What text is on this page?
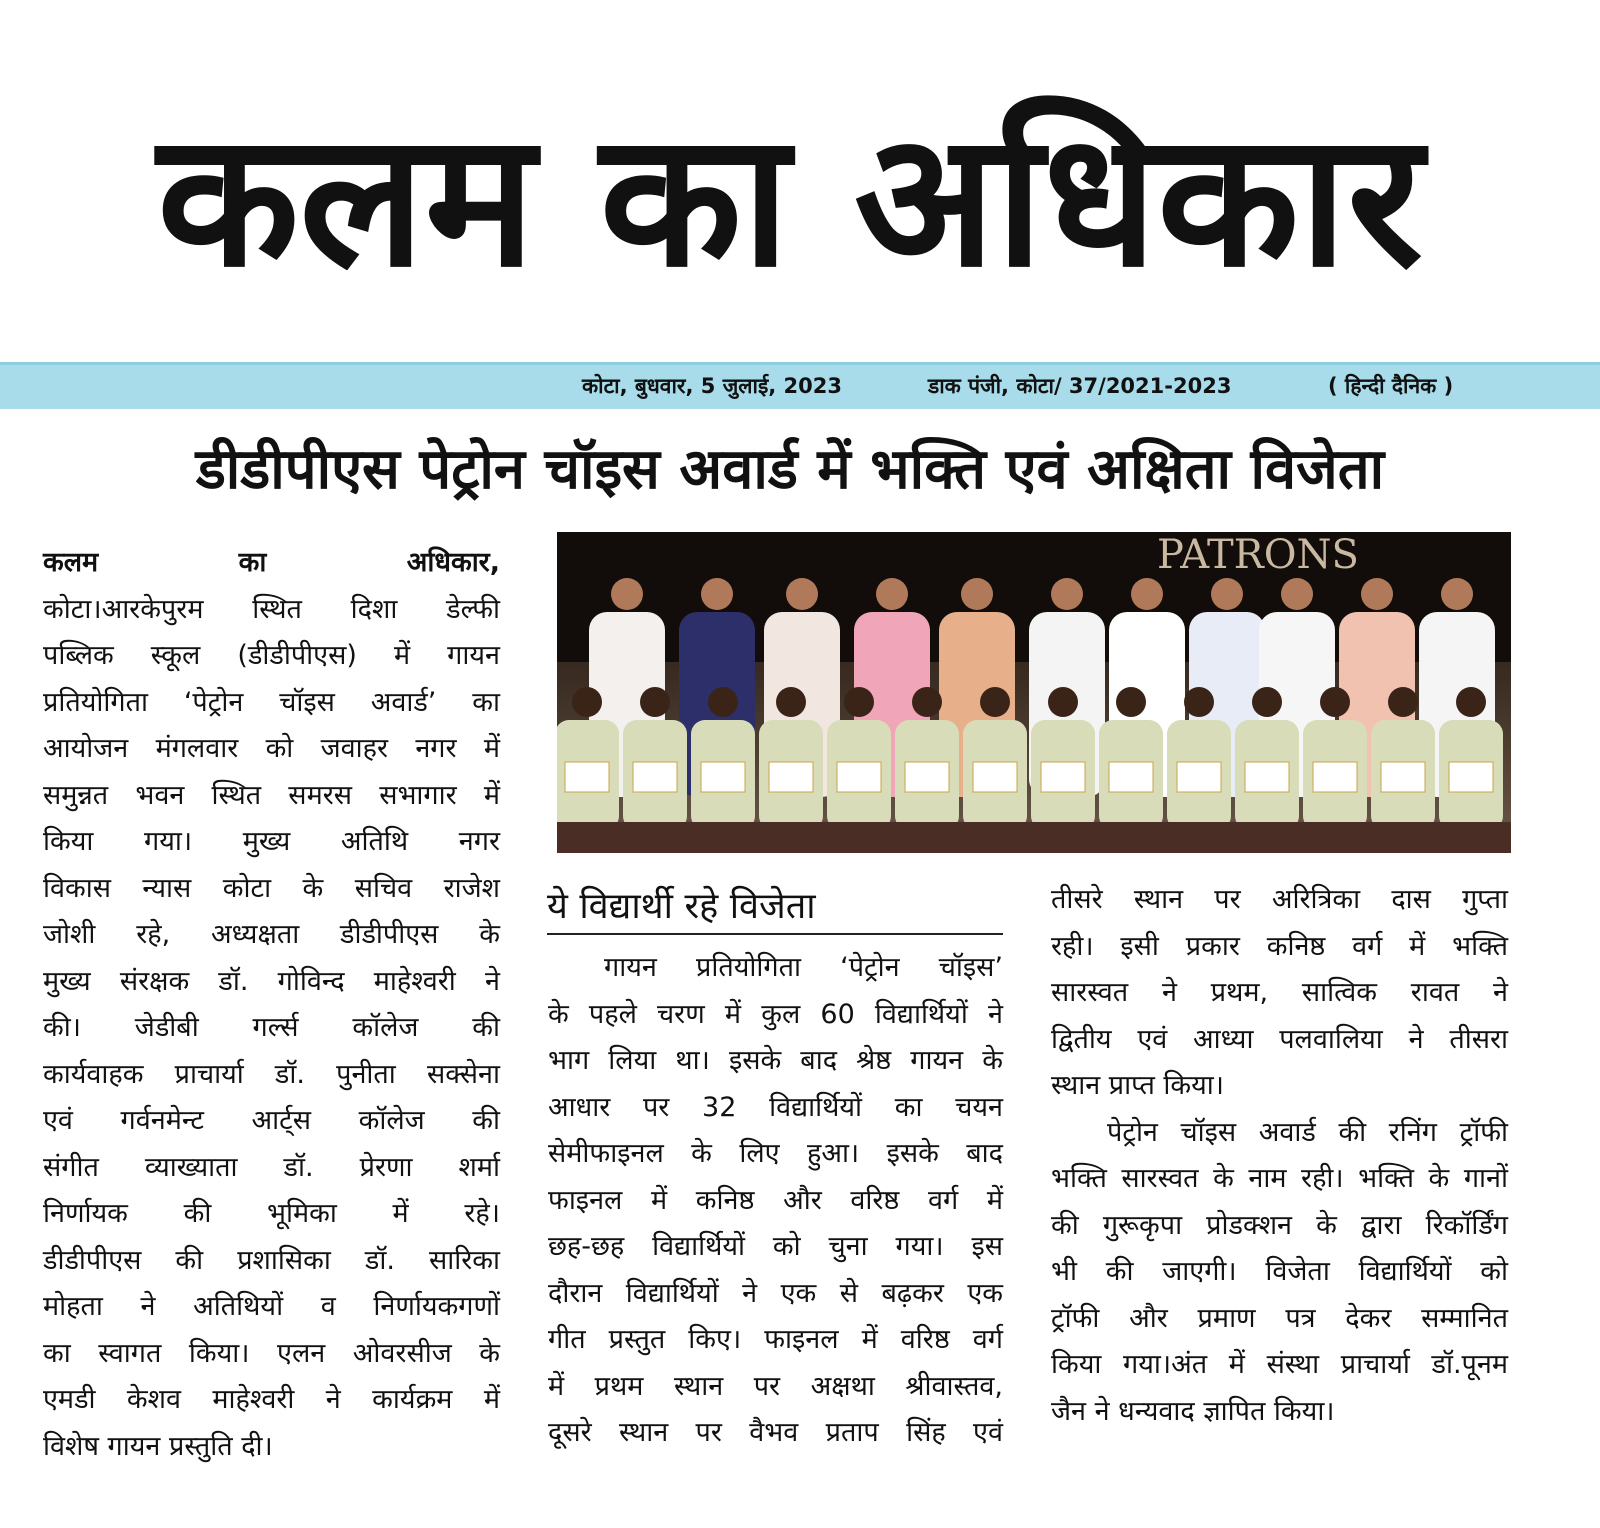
कलम का अधिकार
कोटा, बुधवार, 5 जुलाई, 2023	डाक पंजी, कोटा/ 37/2021-2023	( हिन्दी दैनिक )
डीडीपीएस पेट्रोन चॉइस अवार्ड में भक्ति एवं अक्षिता विजेता
कलम का अधिकार,
कोटा।आरकेपुरम स्थित दिशा डेल्फी
पब्लिक स्कूल (डीडीपीएस) में गायन
प्रतियोगिता ‘पेट्रोन चॉइस अवार्ड’ का
आयोजन मंगलवार को जवाहर नगर में
समुन्नत भवन स्थित समरस सभागार में
किया गया। मुख्य अतिथि नगर
विकास न्यास कोटा के सचिव राजेश
जोशी रहे, अध्यक्षता डीडीपीएस के
मुख्य संरक्षक डॉ. गोविन्द माहेश्वरी ने
की। जेडीबी गर्ल्स कॉलेज की
कार्यवाहक प्राचार्या डॉ. पुनीता सक्सेना
एवं गर्वनमेन्ट आर्ट्स कॉलेज की
संगीत व्याख्याता डॉ. प्रेरणा शर्मा
निर्णायक की भूमिका में रहे।
डीडीपीएस की प्रशासिका डॉ. सारिका
मोहता ने अतिथियों व निर्णायकगणों
का स्वागत किया। एलन ओवरसीज के
एमडी केशव माहेश्वरी ने कार्यक्रम में
विशेष गायन प्रस्तुति दी।
PATRONS
ये विद्यार्थी रहे विजेता
गायन प्रतियोगिता ‘पेट्रोन चॉइस’
के पहले चरण में कुल 60 विद्यार्थियों ने
भाग लिया था। इसके बाद श्रेष्ठ गायन के
आधार पर 32 विद्यार्थियों का चयन
सेमीफाइनल के लिए हुआ। इसके बाद
फाइनल में कनिष्ठ और वरिष्ठ वर्ग में
छह-छह विद्यार्थियों को चुना गया। इस
दौरान विद्यार्थियों ने एक से बढ़कर एक
गीत प्रस्तुत किए। फाइनल में वरिष्ठ वर्ग
में प्रथम स्थान पर अक्षथा श्रीवास्तव,
दूसरे स्थान पर वैभव प्रताप सिंह एवं
तीसरे स्थान पर अरित्रिका दास गुप्ता
रही। इसी प्रकार कनिष्ठ वर्ग में भक्ति
सारस्वत ने प्रथम, सात्विक रावत ने
द्वितीय एवं आध्या पलवालिया ने तीसरा
स्थान प्राप्त किया।
पेट्रोन चॉइस अवार्ड की रनिंग ट्रॉफी
भक्ति सारस्वत के नाम रही। भक्ति के गानों
की गुरूकृपा प्रोडक्शन के द्वारा रिकॉर्डिंग
भी की जाएगी। विजेता विद्यार्थियों को
ट्रॉफी और प्रमाण पत्र देकर सम्मानित
किया गया।अंत में संस्था प्राचार्या डॉ.पूनम
जैन ने धन्यवाद ज्ञापित किया।
